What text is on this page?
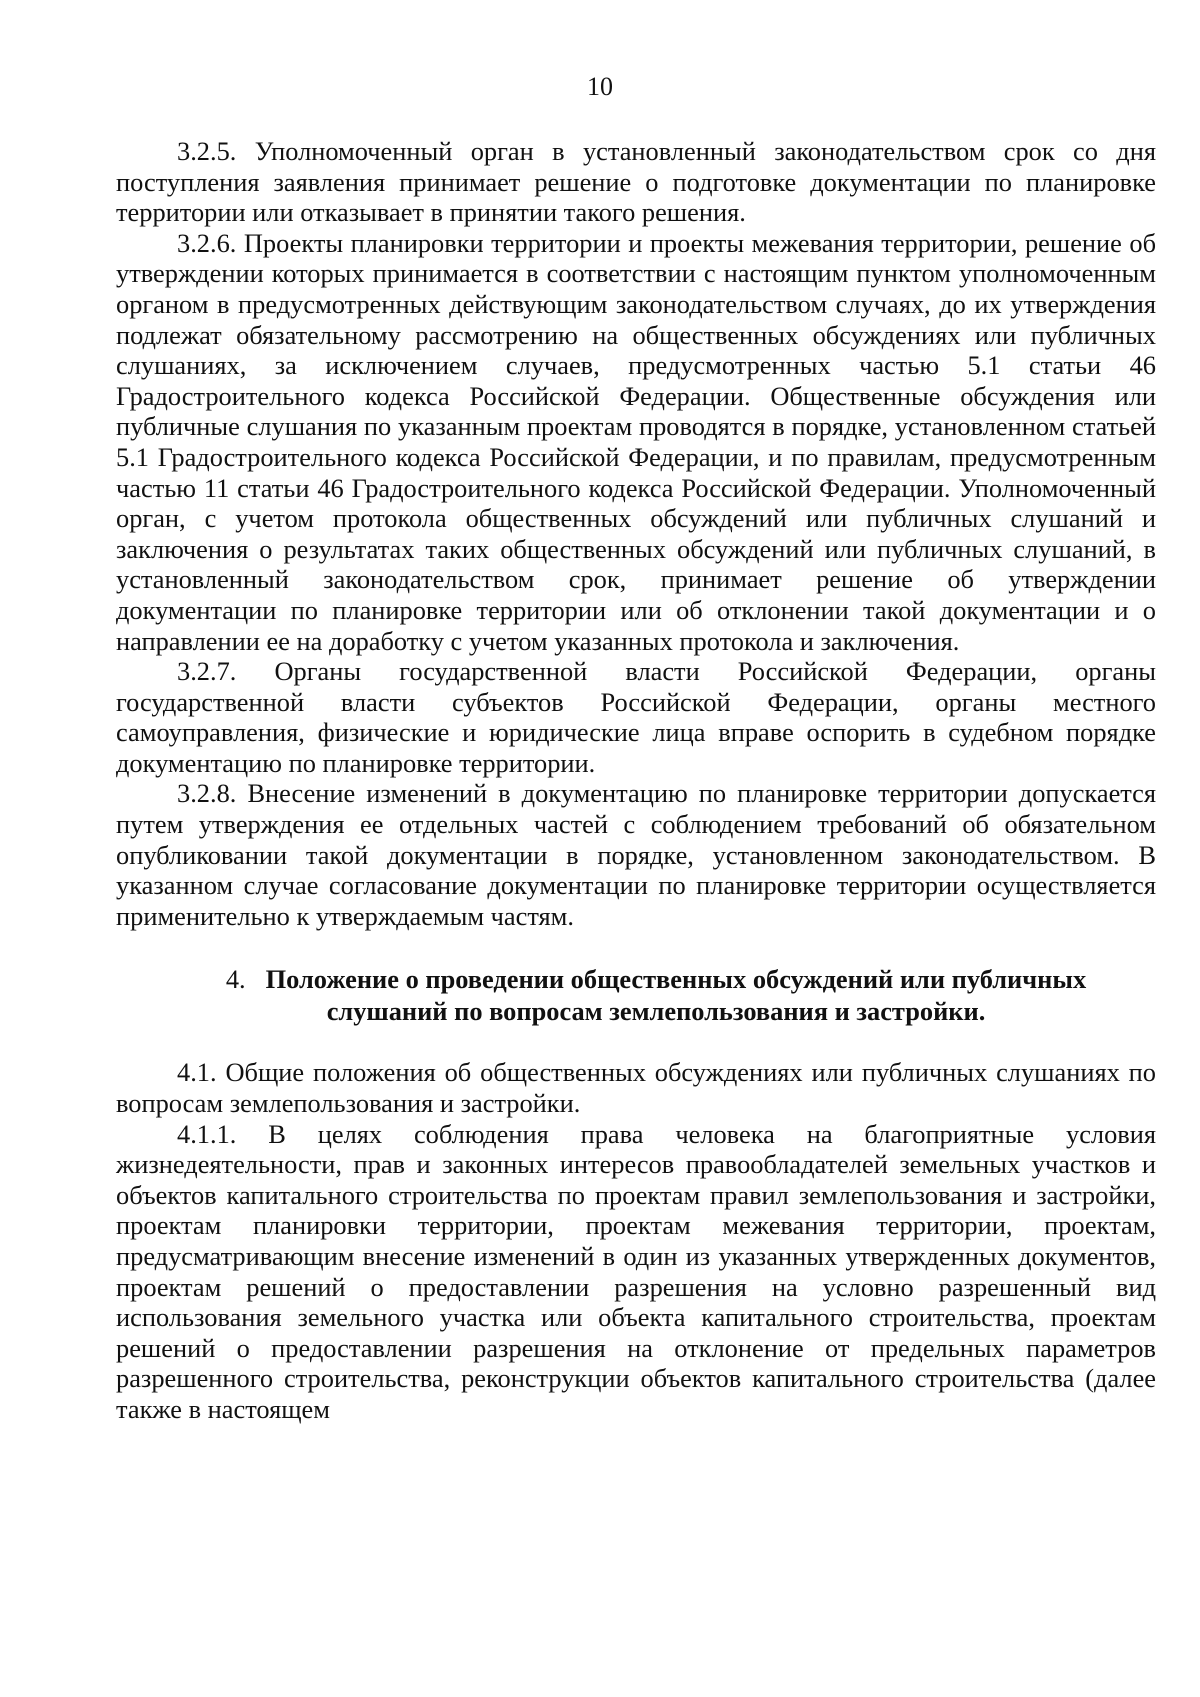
10

3.2.5. Уполномоченный орган в установленный законодательством срок со дня поступления заявления принимает решение о подготовке документации по планировке территории или отказывает в принятии такого решения.

3.2.6. Проекты планировки территории и проекты межевания территории, решение об утверждении которых принимается в соответствии с настоящим пунктом уполномоченным органом в предусмотренных действующим законодательством случаях, до их утверждения подлежат обязательному рассмотрению на общественных обсуждениях или публичных слушаниях, за исключением случаев, предусмотренных частью 5.1 статьи 46 Градостроительного кодекса Российской Федерации. Общественные обсуждения или публичные слушания по указанным проектам проводятся в порядке, установленном статьей 5.1 Градостроительного кодекса Российской Федерации, и по правилам, предусмотренным частью 11 статьи 46 Градостроительного кодекса Российской Федерации. Уполномоченный орган, с учетом протокола общественных обсуждений или публичных слушаний и заключения о результатах таких общественных обсуждений или публичных слушаний, в установленный законодательством срок, принимает решение об утверждении документации по планировке территории или об отклонении такой документации и о направлении ее на доработку с учетом указанных протокола и заключения.

3.2.7. Органы государственной власти Российской Федерации, органы государственной власти субъектов Российской Федерации, органы местного самоуправления, физические и юридические лица вправе оспорить в судебном порядке документацию по планировке территории.

3.2.8. Внесение изменений в документацию по планировке территории допускается путем утверждения ее отдельных частей с соблюдением требований об обязательном опубликовании такой документации в порядке, установленном законодательством. В указанном случае согласование документации по планировке территории осуществляется применительно к утверждаемым частям.

4. Положение о проведении общественных обсуждений или публичных

слушаний по вопросам землепользования и застройки.

4.1. Общие положения об общественных обсуждениях или публичных слушаниях по вопросам землепользования и застройки.

4.1.1. В целях соблюдения права человека на благоприятные условия жизнедеятельности, прав и законных интересов правообладателей земельных участков и объектов капитального строительства по проектам правил землепользования и застройки, проектам планировки территории, проектам межевания территории, проектам, предусматривающим внесение изменений в один из указанных утвержденных документов, проектам решений о предоставлении разрешения на условно разрешенный вид использования земельного участка или объекта капитального строительства, проектам решений о предоставлении разрешения на отклонение от предельных параметров разрешенного строительства, реконструкции объектов капитального строительства (далее также в настоящем
